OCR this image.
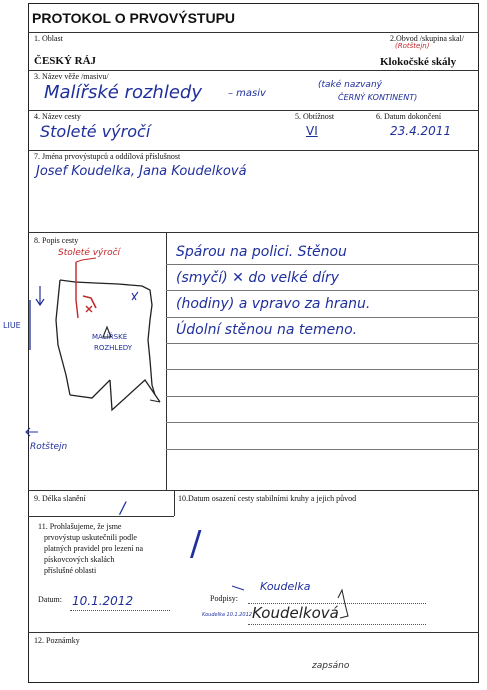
PROTOKOL O PRVOVÝSTUPU
1. Oblast
ČESKÝ RÁJ
2.Obvod /skupina skal/
(Rotštejn)
Klokočské skály
3. Název věže /masivu/
Malířské rozhledy	– masiv
(také nazvaný
ČERNÝ KONTINENT)
4. Název cesty	5. Obtížnost	6. Datum dokončení
Stoleté výročí	VI	23.4.2011
7. Jména prvovýstupců a oddílová příslušnost
Josef Koudelka, Jana Koudelková
8. Popis cesty
Spárou na polici. Stěnou
(smyčí) ✕ do velké díry
(hodiny) a vpravo za hranu.
Údolní stěnou na temeno.
Stoleté výročí
MALÍŘSKÉ
ROZHLEDY
LIUE
Rotštejn
9. Délka slanění	10.Datum osazení cesty stabilními kruhy a jejich původ
/
/
11. Prohlašujeme, že jsme
prvovýstup uskutečnili podle
platných pravidel pro lezení na
pískovcových skalách
příslušné oblasti
Datum: 10.1.2012	Podpisy:
Koudelka
Koudelka 10.1.2012 Koudelková
12. Poznámky
zapsáno
